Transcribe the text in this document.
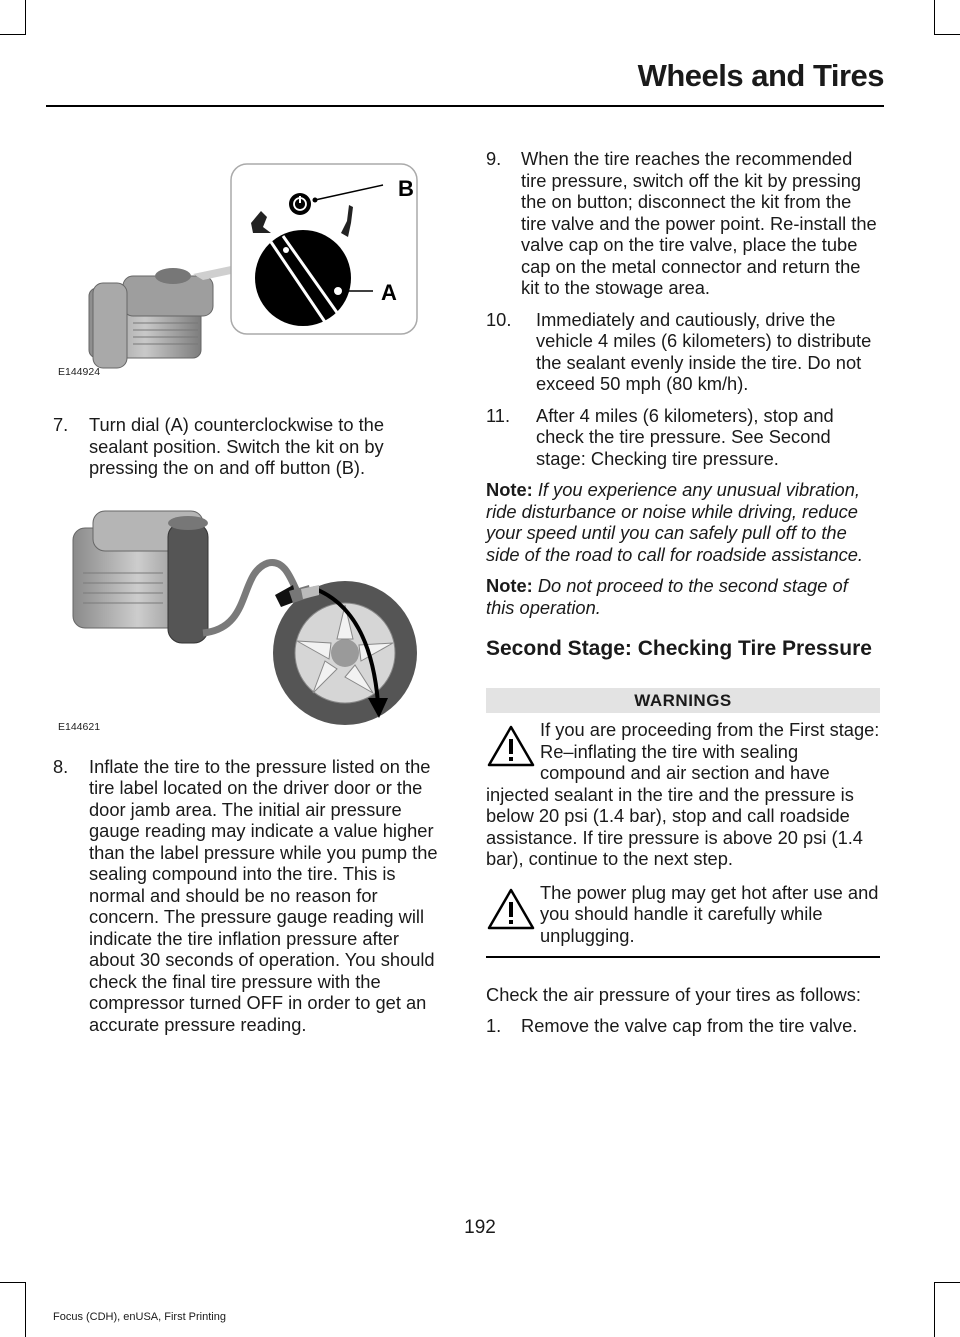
Wheels and Tires
B
A
E144924
7. Turn dial (A) counterclockwise to the sealant position. Switch the kit on by pressing the on and off button (B).
E144621
8. Inflate the tire to the pressure listed on the tire label located on the driver door or the door jamb area. The initial air pressure gauge reading may indicate a value higher than the label pressure while you pump the sealing compound into the tire. This is normal and should be no reason for concern. The pressure gauge reading will indicate the tire inflation pressure after about 30 seconds of operation. You should check the final tire pressure with the compressor turned OFF in order to get an accurate pressure reading.
9. When the tire reaches the recommended tire pressure, switch off the kit by pressing the on button; disconnect the kit from the tire valve and the power point. Re-install the valve cap on the tire valve, place the tube cap on the metal connector and return the kit to the stowage area.
10. Immediately and cautiously, drive the vehicle 4 miles (6 kilometers) to distribute the sealant evenly inside the tire. Do not exceed 50 mph (80 km/h).
11. After 4 miles (6 kilometers), stop and check the tire pressure. See Second stage: Checking tire pressure.
Note: If you experience any unusual vibration, ride disturbance or noise while driving, reduce your speed until you can safely pull off to the side of the road to call for roadside assistance.
Note: Do not proceed to the second stage of this operation.
Second Stage: Checking Tire Pressure
WARNINGS
If you are proceeding from the First stage: Re–inflating the tire with sealing compound and air section and have injected sealant in the tire and the pressure is below 20 psi (1.4 bar), stop and call roadside assistance. If tire pressure is above 20 psi (1.4 bar), continue to the next step.
The power plug may get hot after use and you should handle it carefully while unplugging.
Check the air pressure of your tires as follows:
1. Remove the valve cap from the tire valve.
192
Focus (CDH), enUSA, First Printing
